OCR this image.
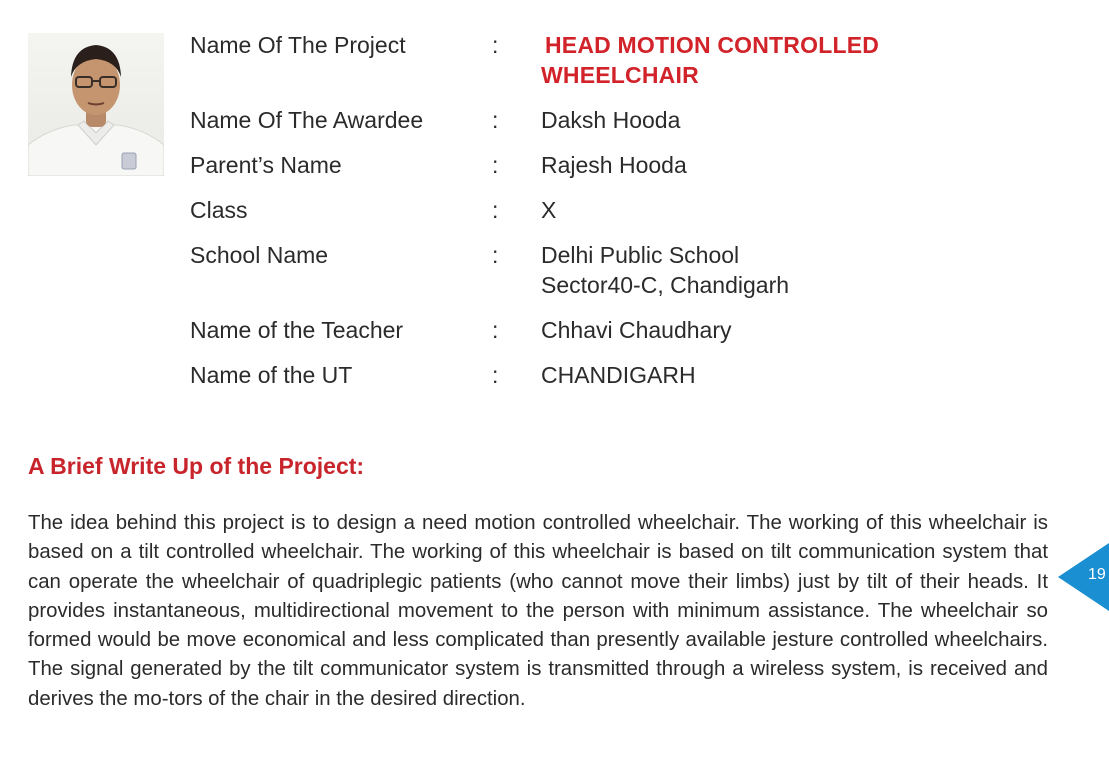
Name Of The Project	: HEAD MOTION CONTROLLED
WHEELCHAIR
Name Of The Awardee	: Daksh Hooda
Parent’s Name	: Rajesh Hooda
Class	: X
School Name	: Delhi Public School
Sector40-C, Chandigarh
Name of the Teacher	: Chhavi Chaudhary
Name of the UT	: CHANDIGARH
A Brief Write Up of the Project:

The idea behind this project is to design a need motion controlled wheelchair. The working of this wheelchair is based on a tilt controlled wheelchair. The working of this wheelchair is based on tilt communication system that can operate the wheelchair of quadriplegic patients (who cannot move their limbs) just by tilt of their heads. It provides instantaneous, multidirectional movement to the person with minimum assistance. The wheelchair so formed would be move economical and less complicated than presently available jesture controlled wheelchairs. The signal generated by the tilt communicator system is transmitted through a wireless system, is received and derives the mo-tors of the chair in the desired direction.

19
